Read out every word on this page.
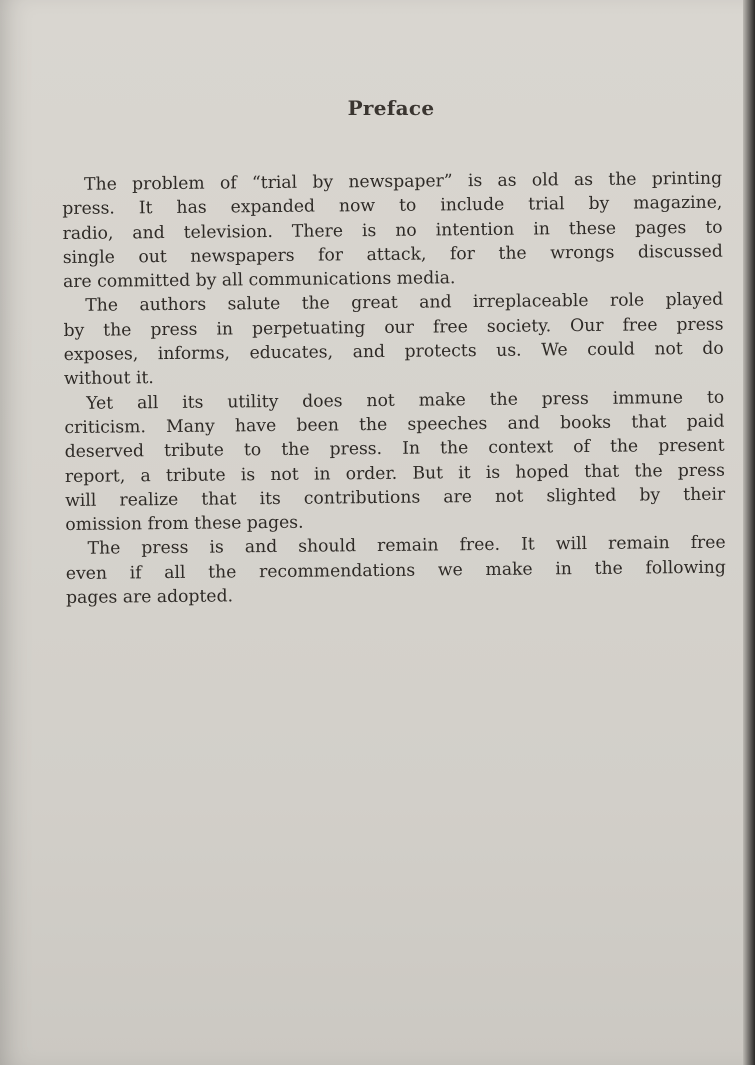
Preface
The problem of “trial by newspaper” is as old as the printing
press. It has expanded now to include trial by magazine,
radio, and television. There is no intention in these pages to
single out newspapers for attack, for the wrongs discussed
are committed by all communications media.
The authors salute the great and irreplaceable role played
by the press in perpetuating our free society. Our free press
exposes, informs, educates, and protects us. We could not do
without it.
Yet all its utility does not make the press immune to
criticism. Many have been the speeches and books that paid
deserved tribute to the press. In the context of the present
report, a tribute is not in order. But it is hoped that the press
will realize that its contributions are not slighted by their
omission from these pages.
The press is and should remain free. It will remain free
even if all the recommendations we make in the following
pages are adopted.
